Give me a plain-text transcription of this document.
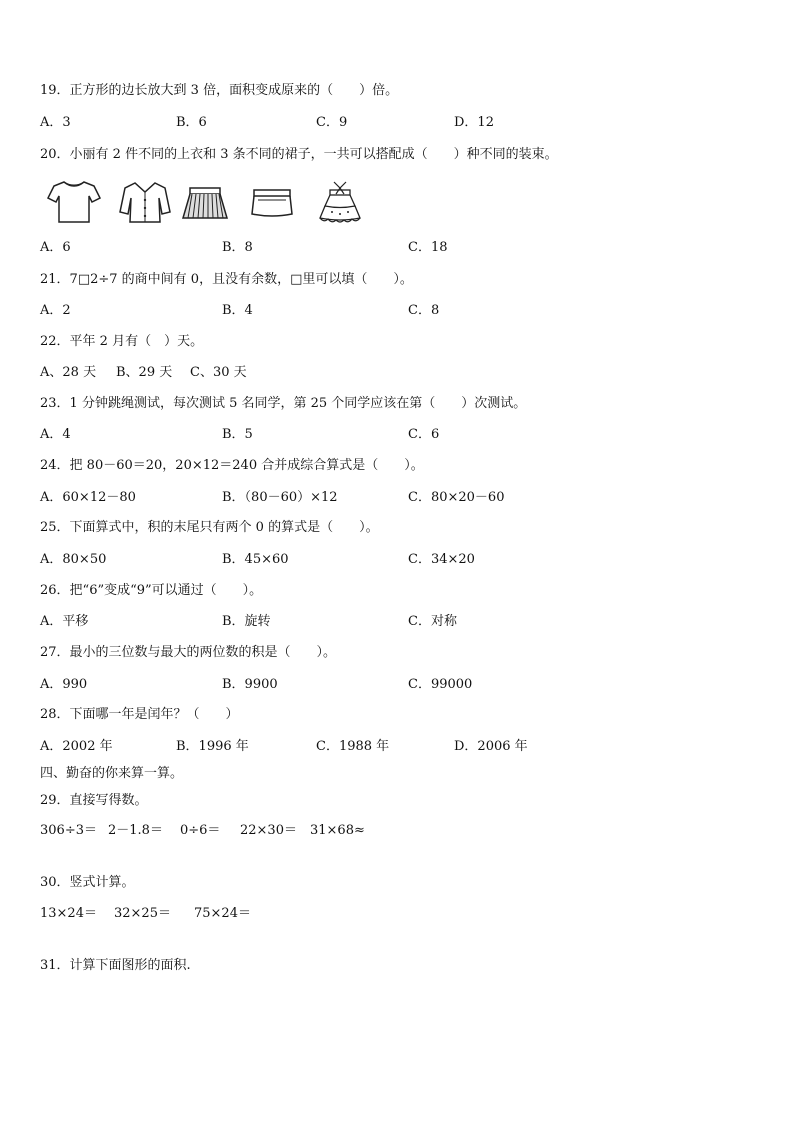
19．正方形的边长放大到 3 倍，面积变成原来的（　　）倍。
A．3	B．6	C．9	D．12
20．小丽有 2 件不同的上衣和 3 条不同的裙子，一共可以搭配成（　　）种不同的装束。
A．6	B．8	C．18
21．7□2÷7 的商中间有 0，且没有余数，□里可以填（　　）。
A．2	B．4	C．8
22．平年 2 月有（　）天。
A、28 天 B、29 天 C、30 天
23．1 分钟跳绳测试，每次测试 5 名同学，第 25 个同学应该在第（　　）次测试。
A．4	B．5	C．6
24．把 80－60＝20，20×12＝240 合并成综合算式是（　　）。
A．60×12－80	B．（80－60）×12	C．80×20－60
25．下面算式中，积的末尾只有两个 0 的算式是（　　）。
A．80×50	B．45×60	C．34×20
26．把“6”变成“9”可以通过（　　）。
A．平移	B．旋转	C．对称
27．最小的三位数与最大的两位数的积是（　　）。
A．990	B．9900	C．99000
28．下面哪一年是闰年？（　　）
A．2002 年	B．1996 年	C．1988 年	D．2006 年
四、勤奋的你来算一算。
29．直接写得数。
306÷3＝ 2－1.8＝ 0÷6＝ 22×30＝ 31×68≈
30．竖式计算。
13×24＝ 32×25＝ 75×24＝
31．计算下面图形的面积.
